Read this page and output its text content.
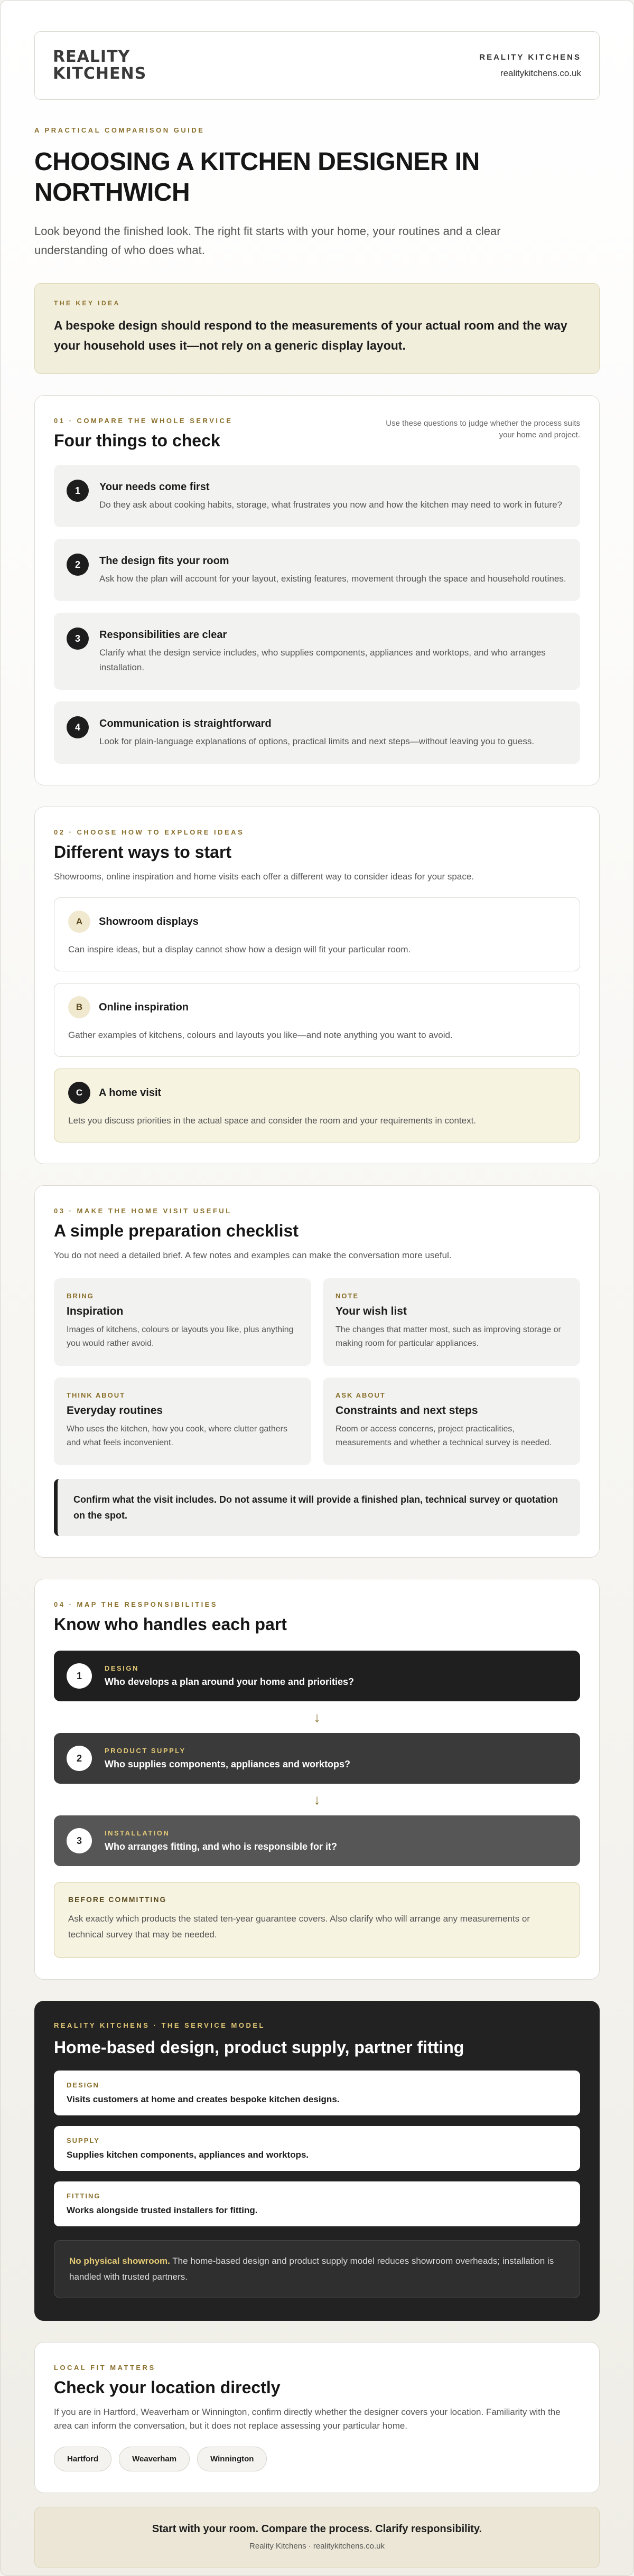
REALITY
KITCHENS
REALITY KITCHENS
realitykitchens.co.uk
A PRACTICAL COMPARISON GUIDE
CHOOSING A KITCHEN DESIGNER IN NORTHWICH

Look beyond the finished look. The right fit starts with your home, your routines and a clear understanding of who does what.

THE KEY IDEA

A bespoke design should respond to the measurements of your actual room and the way your household uses it—not rely on a generic display layout.

01 · COMPARE THE WHOLE SERVICE
Four things to check
Use these questions to judge whether the process suits your home and project.
1	Your needs come first

Do they ask about cooking habits, storage, what frustrates you now and how the kitchen may need to work in future?

2	The design fits your room

Ask how the plan will account for your layout, existing features, movement through the space and household routines.

3	Responsibilities are clear

Clarify what the design service includes, who supplies components, appliances and worktops, and who arranges installation.

4	Communication is straightforward

Look for plain-language explanations of options, practical limits and next steps—without leaving you to guess.

02 · CHOOSE HOW TO EXPLORE IDEAS
Different ways to start

Showrooms, online inspiration and home visits each offer a different way to consider ideas for your space.

A	Showroom displays

Can inspire ideas, but a display cannot show how a design will fit your particular room.

B	Online inspiration

Gather examples of kitchens, colours and layouts you like—and note anything you want to avoid.

C	A home visit

Lets you discuss priorities in the actual space and consider the room and your requirements in context.

03 · MAKE THE HOME VISIT USEFUL
A simple preparation checklist

You do not need a detailed brief. A few notes and examples can make the conversation more useful.

BRING
Inspiration

Images of kitchens, colours or layouts you like, plus anything you would rather avoid.

NOTE
Your wish list

The changes that matter most, such as improving storage or making room for particular appliances.

THINK ABOUT
Everyday routines

Who uses the kitchen, how you cook, where clutter gathers and what feels inconvenient.

ASK ABOUT
Constraints and next steps

Room or access concerns, project practicalities, measurements and whether a technical survey is needed.

Confirm what the visit includes. Do not assume it will provide a finished plan, technical survey or quotation on the spot.
04 · MAP THE RESPONSIBILITIES
Know who handles each part
1
DESIGN
Who develops a plan around your home and priorities?
↓
2
PRODUCT SUPPLY
Who supplies components, appliances and worktops?
↓
3
INSTALLATION
Who arranges fitting, and who is responsible for it?
BEFORE COMMITTING

Ask exactly which products the stated ten-year guarantee covers. Also clarify who will arrange any measurements or technical survey that may be needed.

REALITY KITCHENS · THE SERVICE MODEL
Home-based design, product supply, partner fitting
DESIGN
Visits customers at home and creates bespoke kitchen designs.
SUPPLY
Supplies kitchen components, appliances and worktops.
FITTING
Works alongside trusted installers for fitting.
No physical showroom. The home-based design and product supply model reduces showroom overheads; installation is handled with trusted partners.
LOCAL FIT MATTERS
Check your location directly

If you are in Hartford, Weaverham or Winnington, confirm directly whether the designer covers your location. Familiarity with the area can inform the conversation, but it does not replace assessing your particular home.

Hartford	Weaverham	Winnington
Start with your room. Compare the process. Clarify responsibility.
Reality Kitchens · realitykitchens.co.uk
